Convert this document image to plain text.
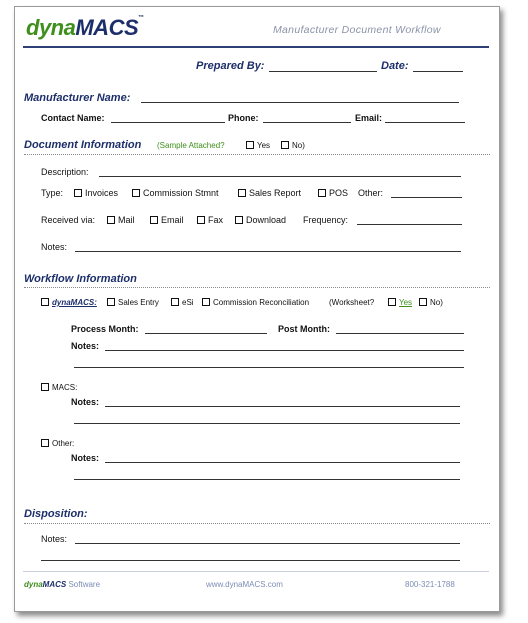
dynaMACS™
Manufacturer Document Workflow
Prepared By:	Date:
Manufacturer Name:
Contact Name:	Phone:	Email:
Document Information (Sample Attached?	Yes	No)
Description:
Type:	Invoices	Commission Stmnt	Sales Report	POS Other:
Received via:	Mail	Email	Fax	Download Frequency:
Notes:
Workflow Information
dynaMACS:	Sales Entry	eSi	Commission Reconciliation (Worksheet?	Yes	No)
Process Month:	Post Month:
Notes:
MACS:
Notes:
Other:
Notes:
Disposition:
Notes:
dynaMACS Software	www.dynaMACS.com	800-321-1788
